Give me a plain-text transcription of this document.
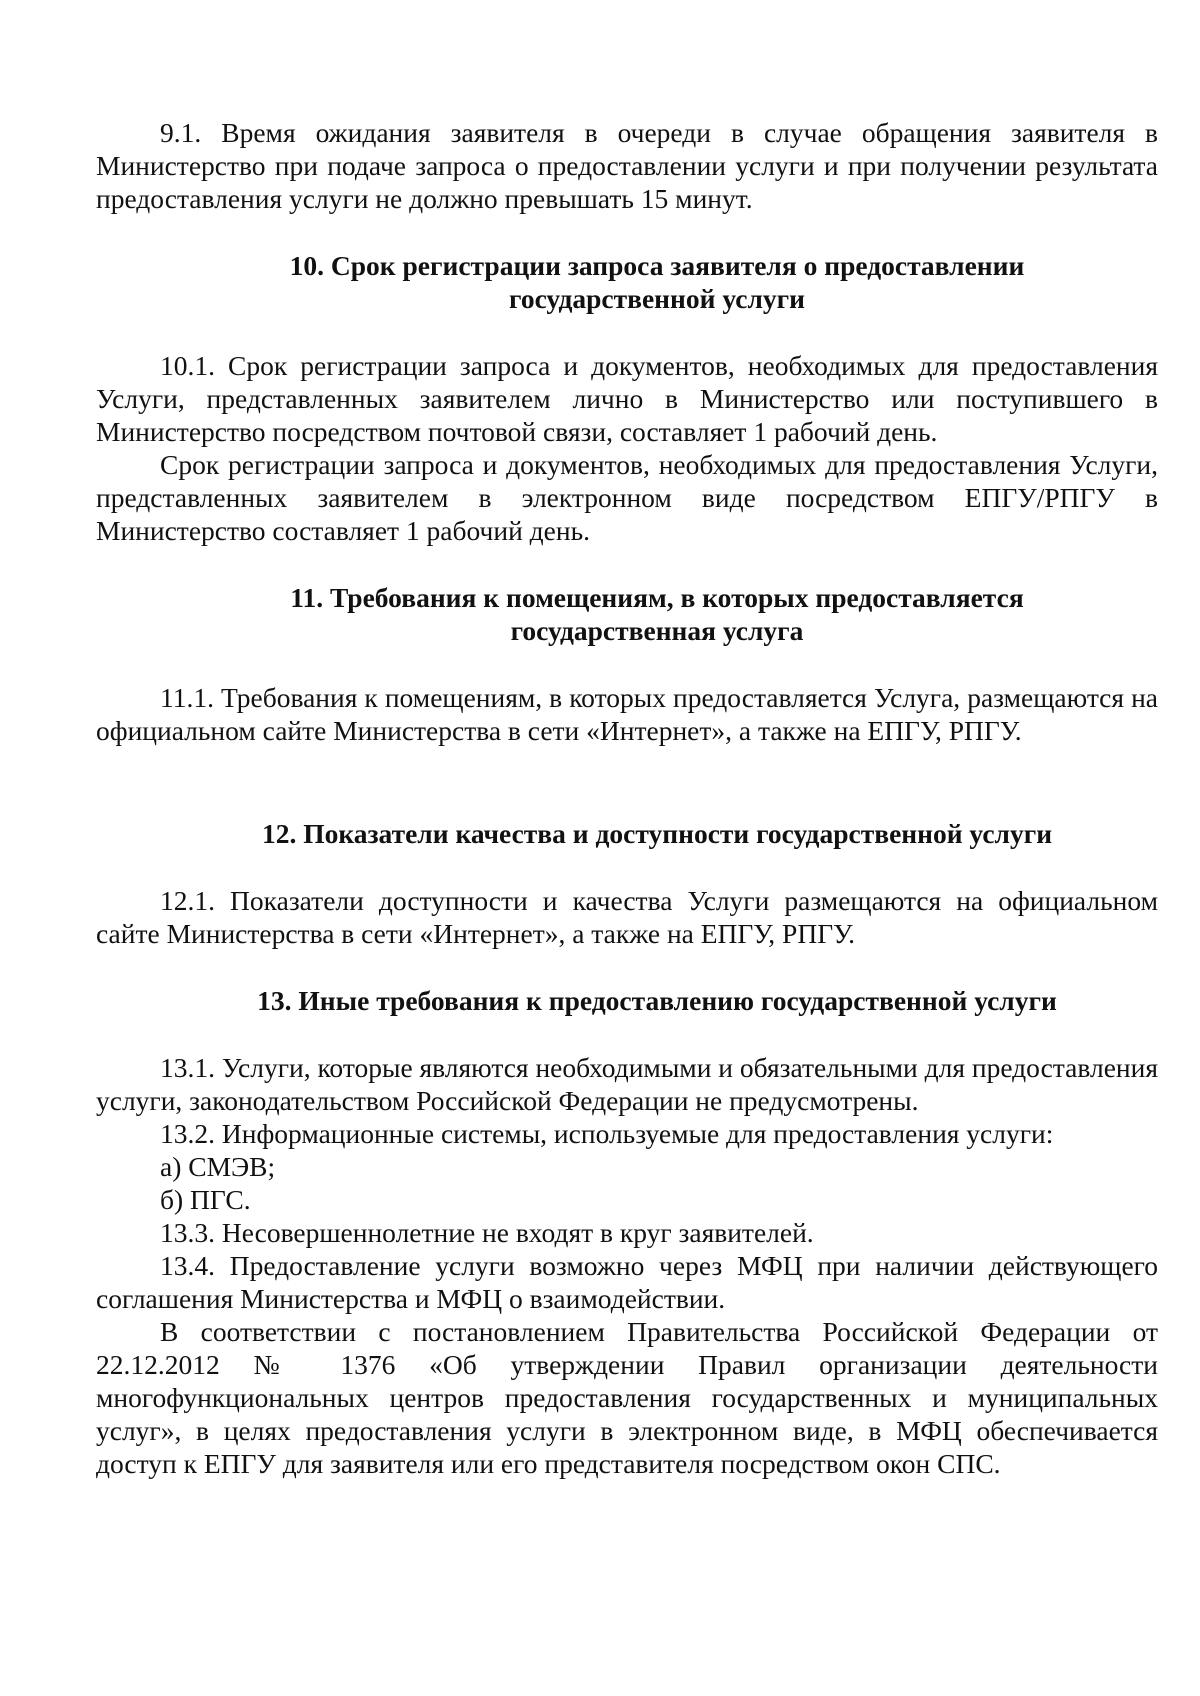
9.1. Время ожидания заявителя в очереди в случае обращения заявителя в Министерство при подаче запроса о предоставлении услуги и при получении результата предоставления услуги не должно превышать 15 минут.

10. Срок регистрации запроса заявителя о предоставлении государственной услуги

10.1. Срок регистрации запроса и документов, необходимых для предоставления Услуги, представленных заявителем лично в Министерство или поступившего в Министерство посредством почтовой связи, составляет 1 рабочий день.

Срок регистрации запроса и документов, необходимых для предоставления Услуги, представленных заявителем в электронном виде посредством ЕПГУ/РПГУ в Министерство составляет 1 рабочий день.

11. Требования к помещениям, в которых предоставляется государственная услуга

11.1. Требования к помещениям, в которых предоставляется Услуга, размещаются на официальном сайте Министерства в сети «Интернет», а также на ЕПГУ, РПГУ.

12. Показатели качества и доступности государственной услуги

12.1. Показатели доступности и качества Услуги размещаются на официальном сайте Министерства в сети «Интернет», а также на ЕПГУ, РПГУ.

13. Иные требования к предоставлению государственной услуги

13.1. Услуги, которые являются необходимыми и обязательными для предоставления услуги, законодательством Российской Федерации не предусмотрены.

13.2. Информационные системы, используемые для предоставления услуги:

а) СМЭВ;

б) ПГС.

13.3. Несовершеннолетние не входят в круг заявителей.

13.4. Предоставление услуги возможно через МФЦ при наличии действующего соглашения Министерства и МФЦ о взаимодействии.

В соответствии с постановлением Правительства Российской Федерации от 22.12.2012 № 1376 «Об утверждении Правил организации деятельности многофункциональных центров предоставления государственных и муниципальных услуг», в целях предоставления услуги в электронном виде, в МФЦ обеспечивается доступ к ЕПГУ для заявителя или его представителя посредством окон СПС.
